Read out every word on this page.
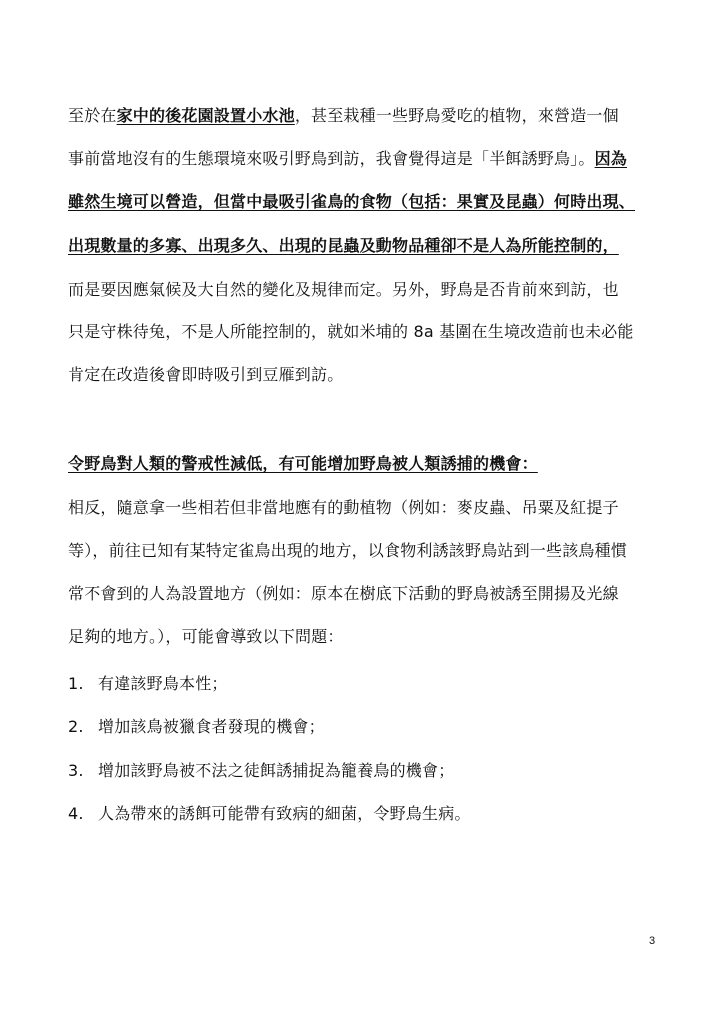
至於在家中的後花園設置小水池，甚至栽種一些野鳥愛吃的植物，來營造一個
事前當地沒有的生態環境來吸引野鳥到訪，我會覺得這是「半餌誘野鳥」。因為
雖然生境可以營造，但當中最吸引雀鳥的食物（包括：果實及昆蟲）何時出現、
出現數量的多寡、出現多久、出現的昆蟲及動物品種卻不是人為所能控制的，
而是要因應氣候及大自然的變化及規律而定。另外，野鳥是否肯前來到訪，也
只是守株待兔，不是人所能控制的，就如米埔的 8a 基圍在生境改造前也未必能
肯定在改造後會即時吸引到豆雁到訪。
令野鳥對人類的警戒性減低，有可能增加野鳥被人類誘捕的機會：
相反，隨意拿一些相若但非當地應有的動植物（例如：麥皮蟲、吊粟及紅提子
等），前往已知有某特定雀鳥出現的地方，以食物利誘該野鳥站到一些該鳥種慣
常不會到的人為設置地方（例如：原本在樹底下活動的野鳥被誘至開揚及光線
足夠的地方。），可能會導致以下問題：
1. 有違該野鳥本性；
2. 增加該鳥被獵食者發現的機會；
3. 增加該野鳥被不法之徒餌誘捕捉為籠養鳥的機會；
4. 人為帶來的誘餌可能帶有致病的細菌，令野鳥生病。
3
